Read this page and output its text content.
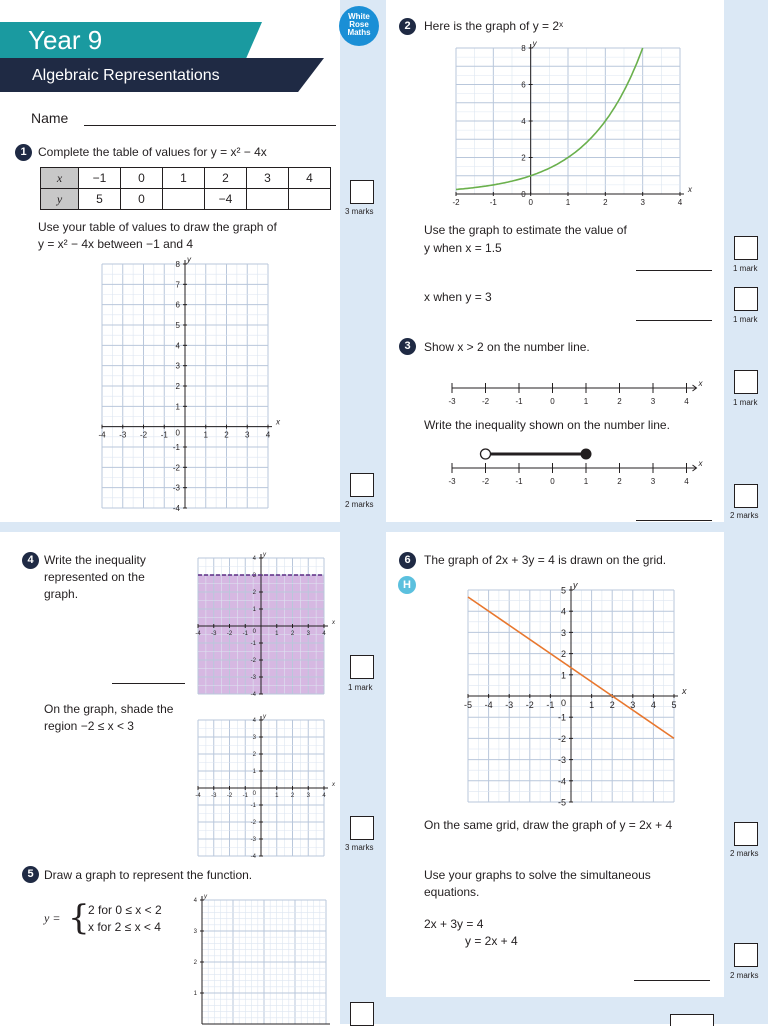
Year 9
Algebraic Representations
White
Rose
Maths
Name
1 Complete the table of values for y = x² − 4x
x	−1	0	1	2	3	4
y	5	0		−4		
3 marks
Use your table of values to draw the graph of
y = x² − 4x between −1 and 4
-4 -3 -2 -1	1 2 3 4
8
7
6
5
4
3
2
1
-1
-2
-3
-4
x
y
0
2 marks
2	Here is the graph of y = 2ˣ
-2	-1	0	1	2	3	4
8
6
4
2
0
x
y
Use the graph to estimate the value of
y when x = 1.5
1 mark
x when y = 3
1 mark
3	Show x > 2 on the number line.
x
-3	-2	-1	0	1	2	3	4	1 mark
Write the inequality shown on the number line.
x
-3	-2	-1	0	1	2	3	4
2 marks
4 Write the inequality
represented on the
graph.
-4 -3 -2 -1	1 2 3 4
4
3
2
1
-1
-2
-3
-4
x
y
0
1 mark
On the graph, shade the
region −2 ≤ x < 3
-4 -3 -2 -1	1 2 3 4
4
3
2
1
-1
-2
-3
-4
x
y
0
3 marks
5 Draw a graph to represent the function.
y = {
2 for 0 ≤ x < 2
x for 2 ≤ x < 4
4
3
2
1
y
6	The graph of 2x + 3y = 4 is drawn on the grid.
H
-5 -4 -3 -2 -1	1 2 3 4 5
5
4
3
2
1
-1
-2
-3
-4
-5
x
y
0
On the same grid, draw the graph of y = 2x + 4
2 marks
Use your graphs to solve the simultaneous
equations.
2x + 3y = 4
y = 2x + 4
2 marks
